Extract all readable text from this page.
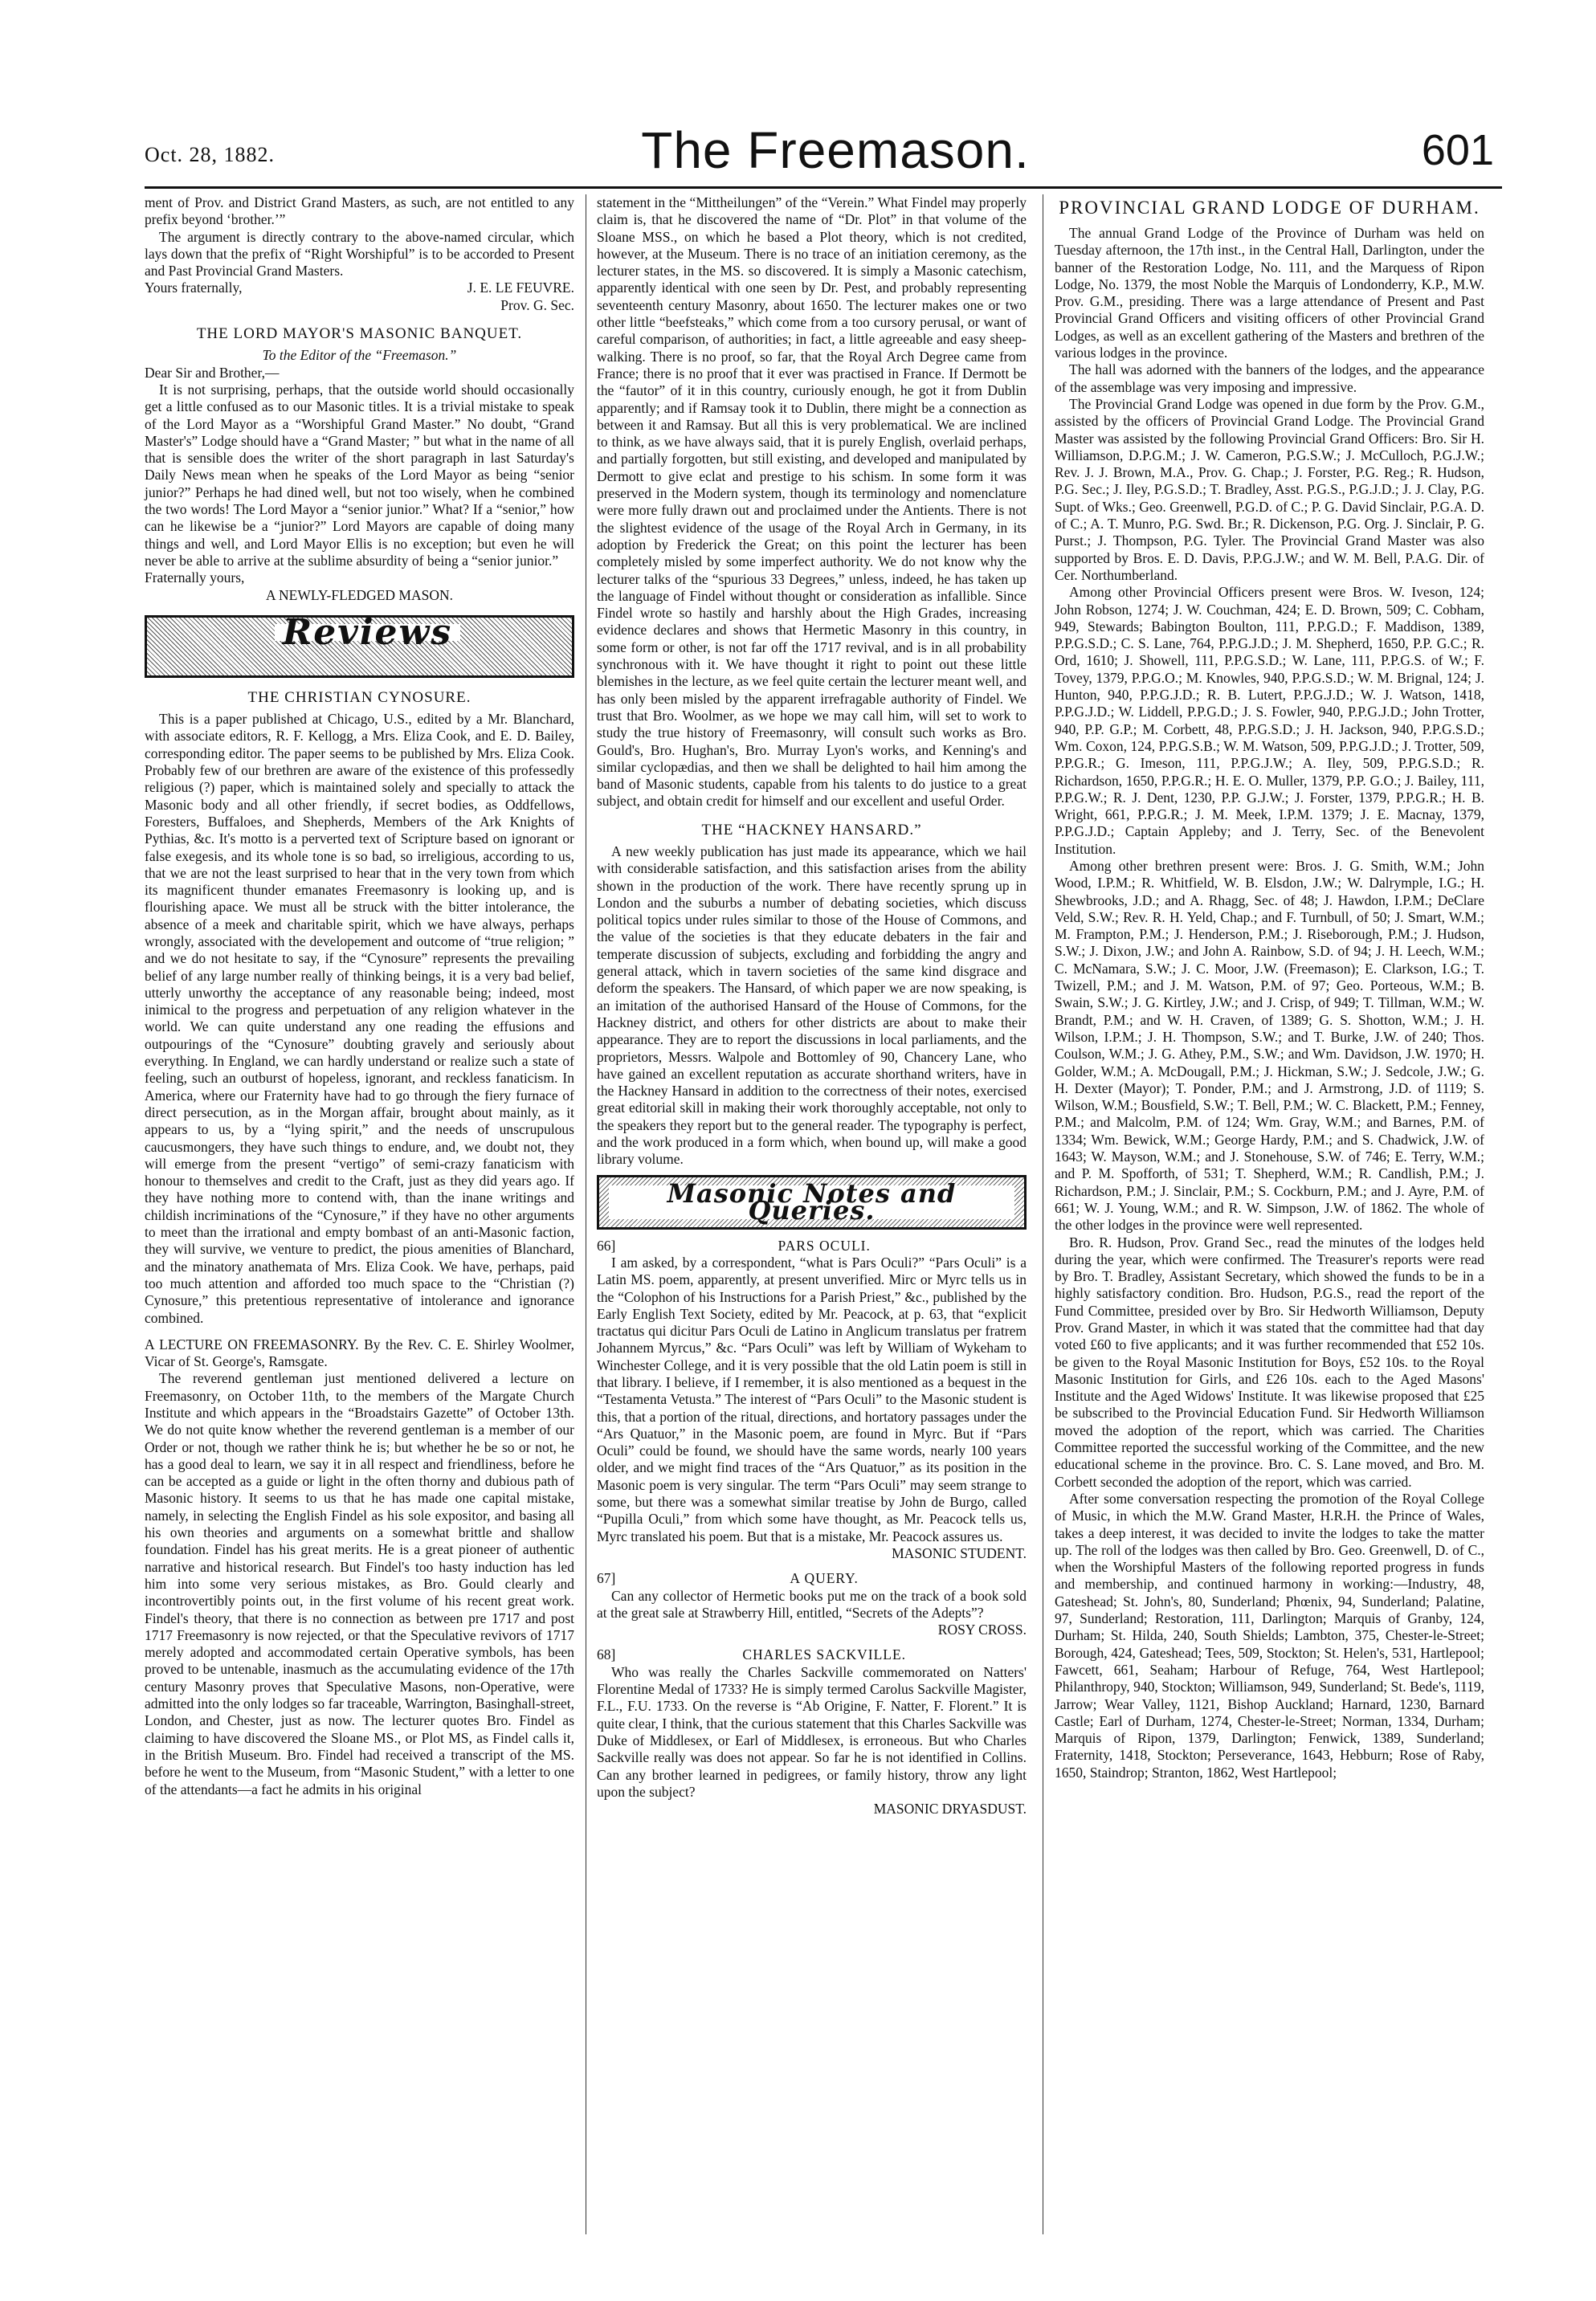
Oct. 28, 1882.	The Freemason.	601

ment of Prov. and District Grand Masters, as such, are not entitled to any prefix beyond ‘brother.’”

The argument is directly contrary to the above-named circular, which lays down that the prefix of “Right Worshipful” is to be accorded to Present and Past Provincial Grand Masters.

Yours fraternally,	J. E. LE FEUVRE.

Prov. G. Sec.

THE LORD MAYOR'S MASONIC BANQUET.

To the Editor of the “Freemason.”

Dear Sir and Brother,—

It is not surprising, perhaps, that the outside world should occasionally get a little confused as to our Masonic titles. It is a trivial mistake to speak of the Lord Mayor as a “Worshipful Grand Master.” No doubt, “Grand Master's” Lodge should have a “Grand Master; ” but what in the name of all that is sensible does the writer of the short paragraph in last Saturday's Daily News mean when he speaks of the Lord Mayor as being “senior junior?” Perhaps he had dined well, but not too wisely, when he combined the two words! The Lord Mayor a “senior junior.” What? If a “senior,” how can he likewise be a “junior?” Lord Mayors are capable of doing many things and well, and Lord Mayor Ellis is no exception; but even he will never be able to arrive at the sublime absurdity of being a “senior junior.”

Fraternally yours,

A NEWLY-FLEDGED MASON.

Reviews
THE CHRISTIAN CYNOSURE.

This is a paper published at Chicago, U.S., edited by a Mr. Blanchard, with associate editors, R. F. Kellogg, a Mrs. Eliza Cook, and E. D. Bailey, corresponding editor. The paper seems to be published by Mrs. Eliza Cook. Probably few of our brethren are aware of the existence of this professedly religious (?) paper, which is maintained solely and specially to attack the Masonic body and all other friendly, if secret bodies, as Oddfellows, Foresters, Buffaloes, and Shepherds, Members of the Ark Knights of Pythias, &c. It's motto is a perverted text of Scripture based on ignorant or false exegesis, and its whole tone is so bad, so irreligious, according to us, that we are not the least surprised to hear that in the very town from which its magnificent thunder emanates Freemasonry is looking up, and is flourishing apace. We must all be struck with the bitter intolerance, the absence of a meek and charitable spirit, which we have always, perhaps wrongly, associated with the developement and outcome of “true religion; ” and we do not hesitate to say, if the “Cynosure” represents the prevailing belief of any large number really of thinking beings, it is a very bad belief, utterly unworthy the acceptance of any reasonable being; indeed, most inimical to the progress and perpetuation of any religion whatever in the world. We can quite understand any one reading the effusions and outpourings of the “Cynosure” doubting gravely and seriously about everything. In England, we can hardly understand or realize such a state of feeling, such an outburst of hopeless, ignorant, and reckless fanaticism. In America, where our Fraternity have had to go through the fiery furnace of direct persecution, as in the Morgan affair, brought about mainly, as it appears to us, by a “lying spirit,” and the needs of unscrupulous caucusmongers, they have such things to endure, and, we doubt not, they will emerge from the present “vertigo” of semi-crazy fanaticism with honour to themselves and credit to the Craft, just as they did years ago. If they have nothing more to contend with, than the inane writings and childish incriminations of the “Cynosure,” if they have no other arguments to meet than the irrational and empty bombast of an anti-Masonic faction, they will survive, we venture to predict, the pious amenities of Blanchard, and the minatory anathemata of Mrs. Eliza Cook. We have, perhaps, paid too much attention and afforded too much space to the “Christian (?) Cynosure,” this pretentious representative of intolerance and ignorance combined.

A LECTURE ON FREEMASONRY. By the Rev. C. E. Shirley Woolmer, Vicar of St. George's, Ramsgate.

The reverend gentleman just mentioned delivered a lecture on Freemasonry, on October 11th, to the members of the Margate Church Institute and which appears in the “Broadstairs Gazette” of October 13th. We do not quite know whether the reverend gentleman is a member of our Order or not, though we rather think he is; but whether he be so or not, he has a good deal to learn, we say it in all respect and friendliness, before he can be accepted as a guide or light in the often thorny and dubious path of Masonic history. It seems to us that he has made one capital mistake, namely, in selecting the English Findel as his sole expositor, and basing all his own theories and arguments on a somewhat brittle and shallow foundation. Findel has his great merits. He is a great pioneer of authentic narrative and historical research. But Findel's too hasty induction has led him into some very serious mistakes, as Bro. Gould clearly and incontrovertibly points out, in the first volume of his recent great work. Findel's theory, that there is no connection as between pre 1717 and post 1717 Freemasonry is now rejected, or that the Speculative revivors of 1717 merely adopted and accommodated certain Operative symbols, has been proved to be untenable, inasmuch as the accumulating evidence of the 17th century Masonry proves that Speculative Masons, non-Operative, were admitted into the only lodges so far traceable, Warrington, Basinghall-street, London, and Chester, just as now. The lecturer quotes Bro. Findel as claiming to have discovered the Sloane MS., or Plot MS, as Findel calls it, in the British Museum. Bro. Findel had received a transcript of the MS. before he went to the Museum, from “Masonic Student,” with a letter to one of the attendants—a fact he admits in his original

statement in the “Mittheilungen” of the “Verein.” What Findel may properly claim is, that he discovered the name of “Dr. Plot” in that volume of the Sloane MSS., on which he based a Plot theory, which is not credited, however, at the Museum. There is no trace of an initiation ceremony, as the lecturer states, in the MS. so discovered. It is simply a Masonic catechism, apparently identical with one seen by Dr. Pest, and probably representing seventeenth century Masonry, about 1650. The lecturer makes one or two other little “beefsteaks,” which come from a too cursory perusal, or want of careful comparison, of authorities; in fact, a little agreeable and easy sheep-walking. There is no proof, so far, that the Royal Arch Degree came from France; there is no proof that it ever was practised in France. If Dermott be the “fautor” of it in this country, curiously enough, he got it from Dublin apparently; and if Ramsay took it to Dublin, there might be a connection as between it and Ramsay. But all this is very problematical. We are inclined to think, as we have always said, that it is purely English, overlaid perhaps, and partially forgotten, but still existing, and developed and manipulated by Dermott to give eclat and prestige to his schism. In some form it was preserved in the Modern system, though its terminology and nomenclature were more fully drawn out and proclaimed under the Antients. There is not the slightest evidence of the usage of the Royal Arch in Germany, in its adoption by Frederick the Great; on this point the lecturer has been completely misled by some imperfect authority. We do not know why the lecturer talks of the “spurious 33 Degrees,” unless, indeed, he has taken up the language of Findel without thought or consideration as infallible. Since Findel wrote so hastily and harshly about the High Grades, increasing evidence declares and shows that Hermetic Masonry in this country, in some form or other, is not far off the 1717 revival, and is in all probability synchronous with it. We have thought it right to point out these little blemishes in the lecture, as we feel quite certain the lecturer meant well, and has only been misled by the apparent irrefragable authority of Findel. We trust that Bro. Woolmer, as we hope we may call him, will set to work to study the true history of Freemasonry, will consult such works as Bro. Gould's, Bro. Hughan's, Bro. Murray Lyon's works, and Kenning's and similar cyclopædias, and then we shall be delighted to hail him among the band of Masonic students, capable from his talents to do justice to a great subject, and obtain credit for himself and our excellent and useful Order.

THE “HACKNEY HANSARD.”

A new weekly publication has just made its appearance, which we hail with considerable satisfaction, and this satisfaction arises from the ability shown in the production of the work. There have recently sprung up in London and the suburbs a number of debating societies, which discuss political topics under rules similar to those of the House of Commons, and the value of the societies is that they educate debaters in the fair and temperate discussion of subjects, excluding and forbidding the angry and general attack, which in tavern societies of the same kind disgrace and deform the speakers. The Hansard, of which paper we are now speaking, is an imitation of the authorised Hansard of the House of Commons, for the Hackney district, and others for other districts are about to make their appearance. They are to report the discussions in local parliaments, and the proprietors, Messrs. Walpole and Bottomley of 90, Chancery Lane, who have gained an excellent reputation as accurate shorthand writers, have in the Hackney Hansard in addition to the correctness of their notes, exercised great editorial skill in making their work thoroughly acceptable, not only to the speakers they report but to the general reader. The typography is perfect, and the work produced in a form which, when bound up, will make a good library volume.

Masonic Notes and Queries.
66]	PARS OCULI.

I am asked, by a correspondent, “what is Pars Oculi?” “Pars Oculi” is a Latin MS. poem, apparently, at present unverified. Mirc or Myrc tells us in the “Colophon of his Instructions for a Parish Priest,” &c., published by the Early English Text Society, edited by Mr. Peacock, at p. 63, that “explicit tractatus qui dicitur Pars Oculi de Latino in Anglicum translatus per fratrem Johannem Myrcus,” &c. “Pars Oculi” was left by William of Wykeham to Winchester College, and it is very possible that the old Latin poem is still in that library. I believe, if I remember, it is also mentioned as a bequest in the “Testamenta Vetusta.” The interest of “Pars Oculi” to the Masonic student is this, that a portion of the ritual, directions, and hortatory passages under the “Ars Quatuor,” in the Masonic poem, are found in Myrc. But if “Pars Oculi” could be found, we should have the same words, nearly 100 years older, and we might find traces of the “Ars Quatuor,” as its position in the Masonic poem is very singular. The term “Pars Oculi” may seem strange to some, but there was a somewhat similar treatise by John de Burgo, called “Pupilla Oculi,” from which some have thought, as Mr. Peacock tells us, Myrc translated his poem. But that is a mistake, Mr. Peacock assures us.

MASONIC STUDENT.

67]	A QUERY.

Can any collector of Hermetic books put me on the track of a book sold at the great sale at Strawberry Hill, entitled, “Secrets of the Adepts”?

ROSY CROSS.

68]	CHARLES SACKVILLE.

Who was really the Charles Sackville commemorated on Natters' Florentine Medal of 1733? He is simply termed Carolus Sackville Magister, F.L., F.U. 1733. On the reverse is “Ab Origine, F. Natter, F. Florent.” It is quite clear, I think, that the curious statement that this Charles Sackville was Duke of Middlesex, or Earl of Middlesex, is erroneous. But who Charles Sackville really was does not appear. So far he is not identified in Collins. Can any brother learned in pedigrees, or family history, throw any light upon the subject?

MASONIC DRYASDUST.

PROVINCIAL GRAND LODGE OF DURHAM.

The annual Grand Lodge of the Province of Durham was held on Tuesday afternoon, the 17th inst., in the Central Hall, Darlington, under the banner of the Restoration Lodge, No. 111, and the Marquess of Ripon Lodge, No. 1379, the most Noble the Marquis of Londonderry, K.P., M.W. Prov. G.M., presiding. There was a large attendance of Present and Past Provincial Grand Officers and visiting officers of other Provincial Grand Lodges, as well as an excellent gathering of the Masters and brethren of the various lodges in the province.

The hall was adorned with the banners of the lodges, and the appearance of the assemblage was very imposing and impressive.

The Provincial Grand Lodge was opened in due form by the Prov. G.M., assisted by the officers of Provincial Grand Lodge. The Provincial Grand Master was assisted by the following Provincial Grand Officers: Bro. Sir H. Williamson, D.P.G.M.; J. W. Cameron, P.G.S.W.; J. McCulloch, P.G.J.W.; Rev. J. J. Brown, M.A., Prov. G. Chap.; J. Forster, P.G. Reg.; R. Hudson, P.G. Sec.; J. Iley, P.G.S.D.; T. Bradley, Asst. P.G.S., P.G.J.D.; J. J. Clay, P.G. Supt. of Wks.; Geo. Greenwell, P.G.D. of C.; P. G. David Sinclair, P.G.A. D. of C.; A. T. Munro, P.G. Swd. Br.; R. Dickenson, P.G. Org. J. Sinclair, P. G. Purst.; J. Thompson, P.G. Tyler. The Provincial Grand Master was also supported by Bros. E. D. Davis, P.P.G.J.W.; and W. M. Bell, P.A.G. Dir. of Cer. Northumberland.

Among other Provincial Officers present were Bros. W. Iveson, 124; John Robson, 1274; J. W. Couchman, 424; E. D. Brown, 509; C. Cobham, 949, Stewards; Babington Boulton, 111, P.P.G.D.; F. Maddison, 1389, P.P.G.S.D.; C. S. Lane, 764, P.P.G.J.D.; J. M. Shepherd, 1650, P.P. G.C.; R. Ord, 1610; J. Showell, 111, P.P.G.S.D.; W. Lane, 111, P.P.G.S. of W.; F. Tovey, 1379, P.P.G.O.; M. Knowles, 940, P.P.G.S.D.; W. M. Brignal, 124; J. Hunton, 940, P.P.G.J.D.; R. B. Lutert, P.P.G.J.D.; W. J. Watson, 1418, P.P.G.J.D.; W. Liddell, P.P.G.D.; J. S. Fowler, 940, P.P.G.J.D.; John Trotter, 940, P.P. G.P.; M. Corbett, 48, P.P.G.S.D.; J. H. Jackson, 940, P.P.G.S.D.; Wm. Coxon, 124, P.P.G.S.B.; W. M. Watson, 509, P.P.G.J.D.; J. Trotter, 509, P.P.G.R.; G. Imeson, 111, P.P.G.J.W.; A. Iley, 509, P.P.G.S.D.; R. Richardson, 1650, P.P.G.R.; H. E. O. Muller, 1379, P.P. G.O.; J. Bailey, 111, P.P.G.W.; R. J. Dent, 1230, P.P. G.J.W.; J. Forster, 1379, P.P.G.R.; H. B. Wright, 661, P.P.G.R.; J. M. Meek, I.P.M. 1379; J. E. Macnay, 1379, P.P.G.J.D.; Captain Appleby; and J. Terry, Sec. of the Benevolent Institution.

Among other brethren present were: Bros. J. G. Smith, W.M.; John Wood, I.P.M.; R. Whitfield, W. B. Elsdon, J.W.; W. Dalrymple, I.G.; H. Shewbrooks, J.D.; and A. Rhagg, Sec. of 48; J. Hawdon, I.P.M.; DeClare Veld, S.W.; Rev. R. H. Yeld, Chap.; and F. Turnbull, of 50; J. Smart, W.M.; M. Frampton, P.M.; J. Henderson, P.M.; J. Riseborough, P.M.; J. Hudson, S.W.; J. Dixon, J.W.; and John A. Rainbow, S.D. of 94; J. H. Leech, W.M.; C. McNamara, S.W.; J. C. Moor, J.W. (Freemason); E. Clarkson, I.G.; T. Twizell, P.M.; and J. M. Watson, P.M. of 97; Geo. Porteous, W.M.; B. Swain, S.W.; J. G. Kirtley, J.W.; and J. Crisp, of 949; T. Tillman, W.M.; W. Brandt, P.M.; and W. H. Craven, of 1389; G. S. Shotton, W.M.; J. H. Wilson, I.P.M.; J. H. Thompson, S.W.; and T. Burke, J.W. of 240; Thos. Coulson, W.M.; J. G. Athey, P.M., S.W.; and Wm. Davidson, J.W. 1970; H. Golder, W.M.; A. McDougall, P.M.; J. Hickman, S.W.; J. Sedcole, J.W.; G. H. Dexter (Mayor); T. Ponder, P.M.; and J. Armstrong, J.D. of 1119; S. Wilson, W.M.; Bousfield, S.W.; T. Bell, P.M.; W. C. Blackett, P.M.; Fenney, P.M.; and Malcolm, P.M. of 124; Wm. Gray, W.M.; and Barnes, P.M. of 1334; Wm. Bewick, W.M.; George Hardy, P.M.; and S. Chadwick, J.W. of 1643; W. Mayson, W.M.; and J. Stonehouse, S.W. of 746; E. Terry, W.M.; and P. M. Spofforth, of 531; T. Shepherd, W.M.; R. Candlish, P.M.; J. Richardson, P.M.; J. Sinclair, P.M.; S. Cockburn, P.M.; and J. Ayre, P.M. of 661; W. J. Young, W.M.; and R. W. Simpson, J.W. of 1862. The whole of the other lodges in the province were well represented.

Bro. R. Hudson, Prov. Grand Sec., read the minutes of the lodges held during the year, which were confirmed. The Treasurer's reports were read by Bro. T. Bradley, Assistant Secretary, which showed the funds to be in a highly satisfactory condition. Bro. Hudson, P.G.S., read the report of the Fund Committee, presided over by Bro. Sir Hedworth Williamson, Deputy Prov. Grand Master, in which it was stated that the committee had that day voted £60 to five applicants; and it was further recommended that £52 10s. be given to the Royal Masonic Institution for Boys, £52 10s. to the Royal Masonic Institution for Girls, and £26 10s. each to the Aged Masons' Institute and the Aged Widows' Institute. It was likewise proposed that £25 be subscribed to the Provincial Education Fund. Sir Hedworth Williamson moved the adoption of the report, which was carried. The Charities Committee reported the successful working of the Committee, and the new educational scheme in the province. Bro. C. S. Lane moved, and Bro. M. Corbett seconded the adoption of the report, which was carried.

After some conversation respecting the promotion of the Royal College of Music, in which the M.W. Grand Master, H.R.H. the Prince of Wales, takes a deep interest, it was decided to invite the lodges to take the matter up. The roll of the lodges was then called by Bro. Geo. Greenwell, D. of C., when the Worshipful Masters of the following reported progress in funds and membership, and continued harmony in working:—Industry, 48, Gateshead; St. John's, 80, Sunderland; Phœnix, 94, Sunderland; Palatine, 97, Sunderland; Restoration, 111, Darlington; Marquis of Granby, 124, Durham; St. Hilda, 240, South Shields; Lambton, 375, Chester-le-Street; Borough, 424, Gateshead; Tees, 509, Stockton; St. Helen's, 531, Hartlepool; Fawcett, 661, Seaham; Harbour of Refuge, 764, West Hartlepool; Philanthropy, 940, Stockton; Williamson, 949, Sunderland; St. Bede's, 1119, Jarrow; Wear Valley, 1121, Bishop Auckland; Harnard, 1230, Barnard Castle; Earl of Durham, 1274, Chester-le-Street; Norman, 1334, Durham; Marquis of Ripon, 1379, Darlington; Fenwick, 1389, Sunderland; Fraternity, 1418, Stockton; Perseverance, 1643, Hebburn; Rose of Raby, 1650, Staindrop; Stranton, 1862, West Hartlepool;
